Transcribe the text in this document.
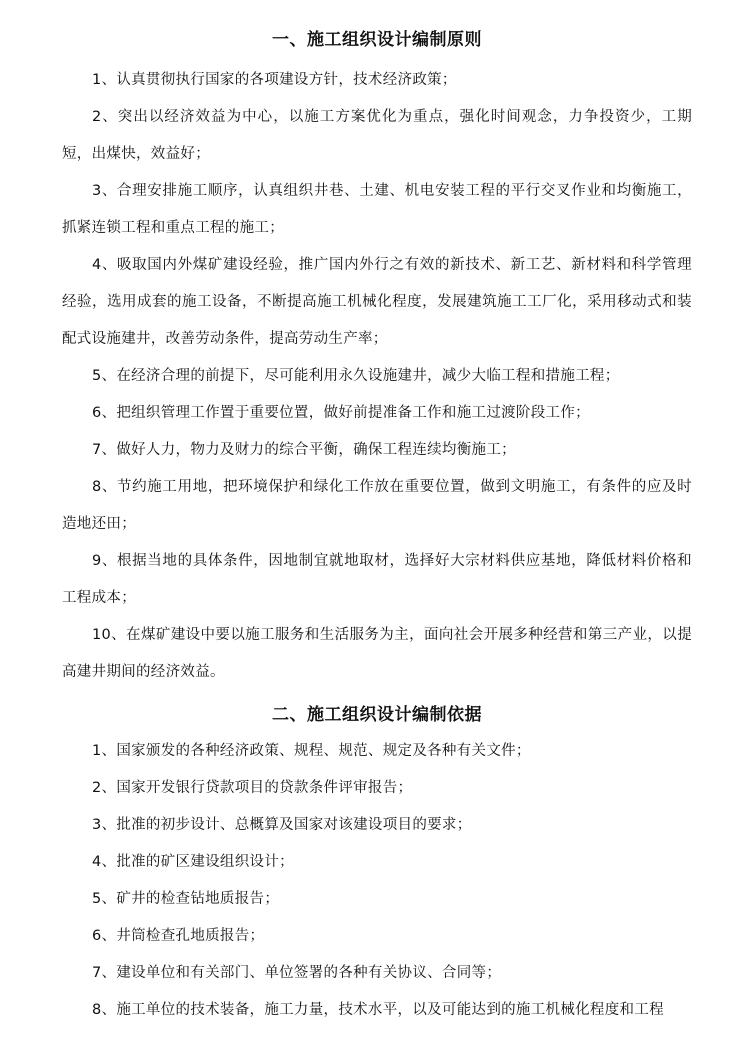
一、施工组织设计编制原则

1、认真贯彻执行国家的各项建设方针，技术经济政策；

2、突出以经济效益为中心，以施工方案优化为重点，强化时间观念，力争投资少，工期短，出煤快，效益好；

3、合理安排施工顺序，认真组织井巷、土建、机电安装工程的平行交叉作业和均衡施工，抓紧连锁工程和重点工程的施工；

4、吸取国内外煤矿建设经验，推广国内外行之有效的新技术、新工艺、新材料和科学管理经验，选用成套的施工设备，不断提高施工机械化程度，发展建筑施工工厂化，采用移动式和装配式设施建井，改善劳动条件，提高劳动生产率；

5、在经济合理的前提下，尽可能利用永久设施建井，减少大临工程和措施工程；

6、把组织管理工作置于重要位置，做好前提准备工作和施工过渡阶段工作；

7、做好人力，物力及财力的综合平衡，确保工程连续均衡施工；

8、节约施工用地，把环境保护和绿化工作放在重要位置，做到文明施工，有条件的应及时造地还田；

9、根据当地的具体条件，因地制宜就地取材，选择好大宗材料供应基地，降低材料价格和工程成本；

10、在煤矿建设中要以施工服务和生活服务为主，面向社会开展多种经营和第三产业，以提高建井期间的经济效益。

二、施工组织设计编制依据

1、国家颁发的各种经济政策、规程、规范、规定及各种有关文件；

2、国家开发银行贷款项目的贷款条件评审报告；

3、批准的初步设计、总概算及国家对该建设项目的要求；

4、批准的矿区建设组织设计；

5、矿井的检查钻地质报告；

6、井筒检查孔地质报告；

7、建设单位和有关部门、单位签署的各种有关协议、合同等；

8、施工单位的技术装备，施工力量，技术水平，以及可能达到的施工机械化程度和工程
